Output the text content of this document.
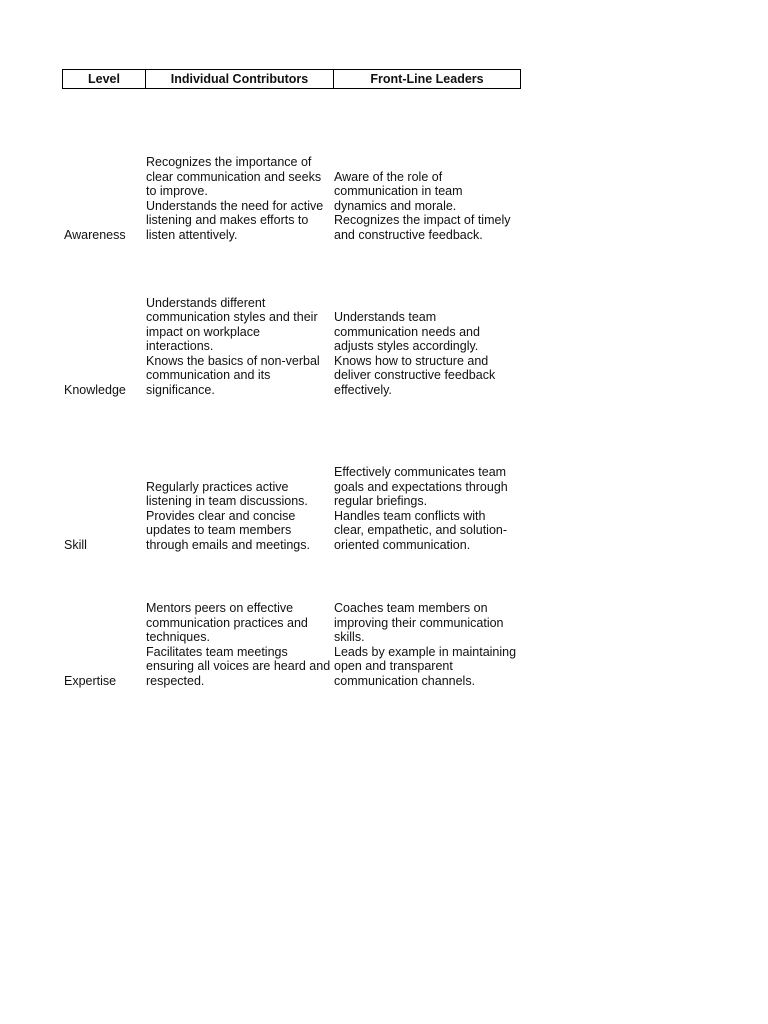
Level	Individual Contributors	Front-Line Leaders
Awareness
Recognizes the importance of
clear communication and seeks
to improve.
Understands the need for active
listening and makes efforts to
listen attentively.
Aware of the role of
communication in team
dynamics and morale.
Recognizes the impact of timely
and constructive feedback.
Knowledge
Understands different
communication styles and their
impact on workplace
interactions.
Knows the basics of non-verbal
communication and its
significance.
Understands team
communication needs and
adjusts styles accordingly.
Knows how to structure and
deliver constructive feedback
effectively.
Skill
Regularly practices active
listening in team discussions.
Provides clear and concise
updates to team members
through emails and meetings.
Effectively communicates team
goals and expectations through
regular briefings.
Handles team conflicts with
clear, empathetic, and solution-
oriented communication.
Expertise
Mentors peers on effective
communication practices and
techniques.
Facilitates team meetings
ensuring all voices are heard and
respected.
Coaches team members on
improving their communication
skills.
Leads by example in maintaining
open and transparent
communication channels.
